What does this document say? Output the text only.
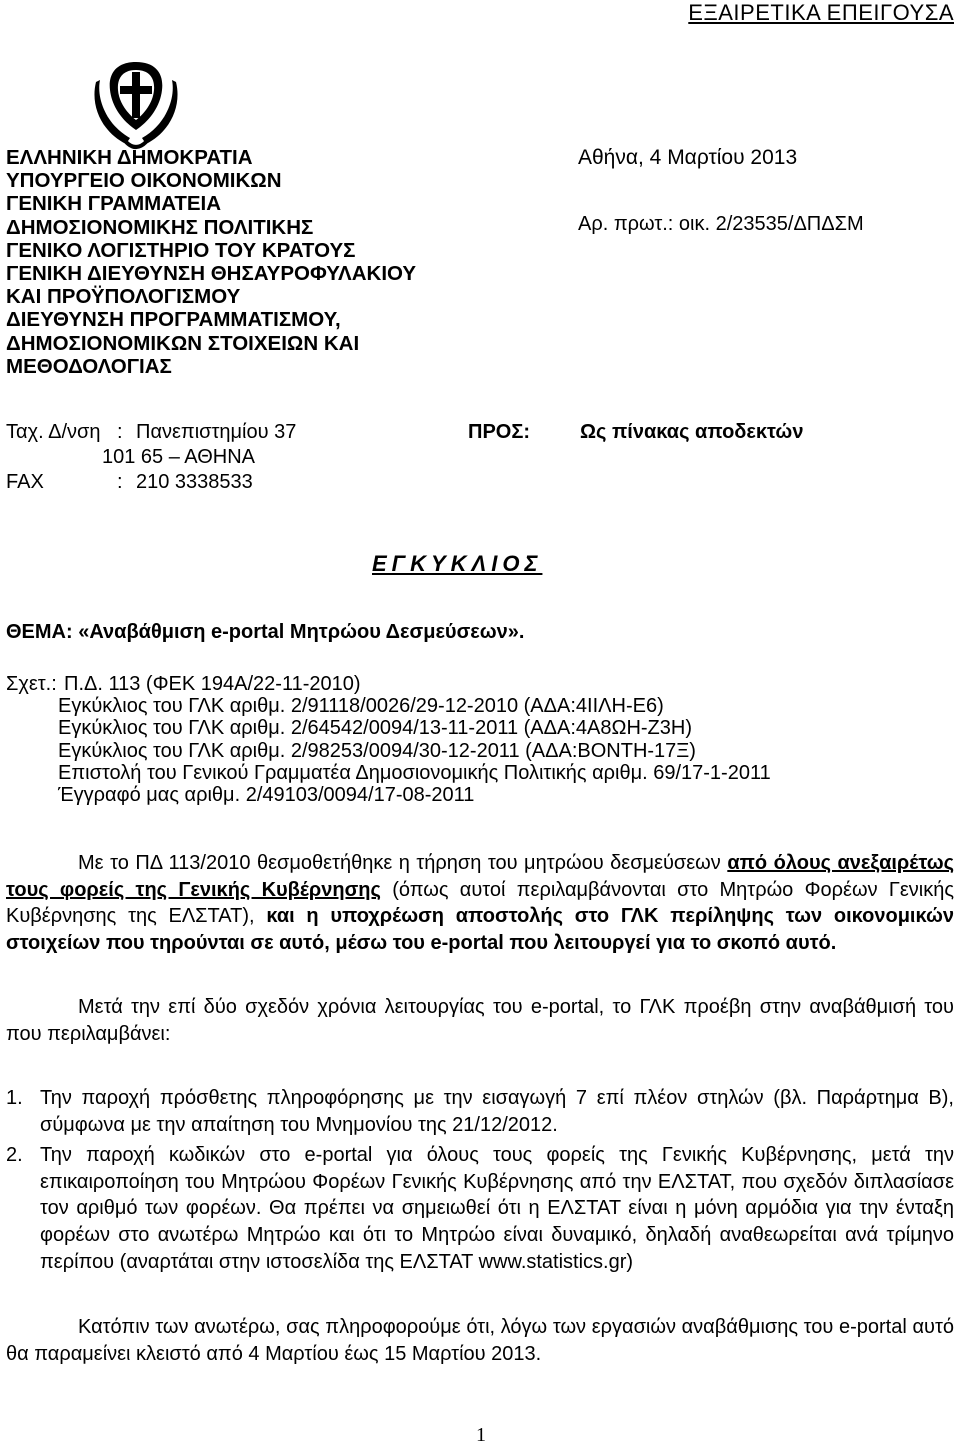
ΕΞΑΙΡΕΤΙΚΑ ΕΠΕΙΓΟΥΣΑ
ΕΛΛΗΝΙΚΗ ΔΗΜΟΚΡΑΤΙΑ
ΥΠΟΥΡΓΕΙΟ ΟΙΚΟΝΟΜΙΚΩΝ
ΓΕΝΙΚΗ ΓΡΑΜΜΑΤΕΙΑ
ΔΗΜΟΣΙΟΝΟΜΙΚΗΣ ΠΟΛΙΤΙΚΗΣ
ΓΕΝΙΚΟ ΛΟΓΙΣΤΗΡΙΟ ΤΟΥ ΚΡΑΤΟΥΣ
ΓΕΝΙΚΗ ΔΙΕΥΘΥΝΣΗ ΘΗΣΑΥΡΟΦΥΛΑΚΙΟΥ
ΚΑΙ ΠΡΟΫΠΟΛΟΓΙΣΜΟΥ
ΔΙΕΥΘΥΝΣΗ ΠΡΟΓΡΑΜΜΑΤΙΣΜΟΥ,
ΔΗΜΟΣΙΟΝΟΜΙΚΩΝ ΣΤΟΙΧΕΙΩΝ ΚΑΙ
ΜΕΘΟΔΟΛΟΓΙΑΣ
Αθήνα, 4 Μαρτίου 2013
Αρ. πρωτ.: οικ. 2/23535/ΔΠΔΣΜ
Ταχ. Δ/νση : Πανεπιστημίου 37
101 65 – ΑΘΗΝΑ
FAX	: 210 3338533
ΠΡΟΣ: Ως πίνακας αποδεκτών
ΕΓΚΥΚΛΙΟΣ
ΘΕΜΑ: «Αναβάθμιση e-portal Μητρώου Δεσμεύσεων».
Σχετ.: Π.Δ. 113 (ΦΕΚ 194Α/22-11-2010)
Εγκύκλιος του ΓΛΚ αριθμ. 2/91118/0026/29-12-2010 (ΑΔΑ:4ΙΙΛΗ-Ε6)
Εγκύκλιος του ΓΛΚ αριθμ. 2/64542/0094/13-11-2011 (ΑΔΑ:4Α8ΩΗ-Ζ3Η)
Εγκύκλιος του ΓΛΚ αριθμ. 2/98253/0094/30-12-2011 (ΑΔΑ:ΒΟΝΤΗ-17Ξ)
Επιστολή του Γενικού Γραμματέα Δημοσιονομικής Πολιτικής αριθμ. 69/17-1-2011
Έγγραφό μας αριθμ. 2/49103/0094/17-08-2011
Με το ΠΔ 113/2010 θεσμοθετήθηκε η τήρηση του μητρώου δεσμεύσεων από όλους ανεξαιρέτως τους φορείς της Γενικής Κυβέρνησης (όπως αυτοί περιλαμβάνονται στο Μητρώο Φορέων Γενικής Κυβέρνησης της ΕΛΣΤΑΤ), και η υποχρέωση αποστολής στο ΓΛΚ περίληψης των οικονομικών στοιχείων που τηρούνται σε αυτό, μέσω του e-portal που λειτουργεί για το σκοπό αυτό.
Μετά την επί δύο σχεδόν χρόνια λειτουργίας του e-portal, το ΓΛΚ προέβη στην αναβάθμισή του που περιλαμβάνει:
1. Την παροχή πρόσθετης πληροφόρησης με την εισαγωγή 7 επί πλέον στηλών (βλ. Παράρτημα Β), σύμφωνα με την απαίτηση του Μνημονίου της 21/12/2012.
2. Την παροχή κωδικών στο e-portal για όλους τους φορείς της Γενικής Κυβέρνησης, μετά την επικαιροποίηση του Μητρώου Φορέων Γενικής Κυβέρνησης από την ΕΛΣΤΑΤ, που σχεδόν διπλασίασε τον αριθμό των φορέων. Θα πρέπει να σημειωθεί ότι η ΕΛΣΤΑΤ είναι η μόνη αρμόδια για την ένταξη φορέων στο ανωτέρω Μητρώο και ότι το Μητρώο είναι δυναμικό, δηλαδή αναθεωρείται ανά τρίμηνο περίπου (αναρτάται στην ιστοσελίδα της ΕΛΣΤΑΤ www.statistics.gr)
Κατόπιν των ανωτέρω, σας πληροφορούμε ότι, λόγω των εργασιών αναβάθμισης του e-portal αυτό θα παραμείνει κλειστό από 4 Μαρτίου έως 15 Μαρτίου 2013.
1
